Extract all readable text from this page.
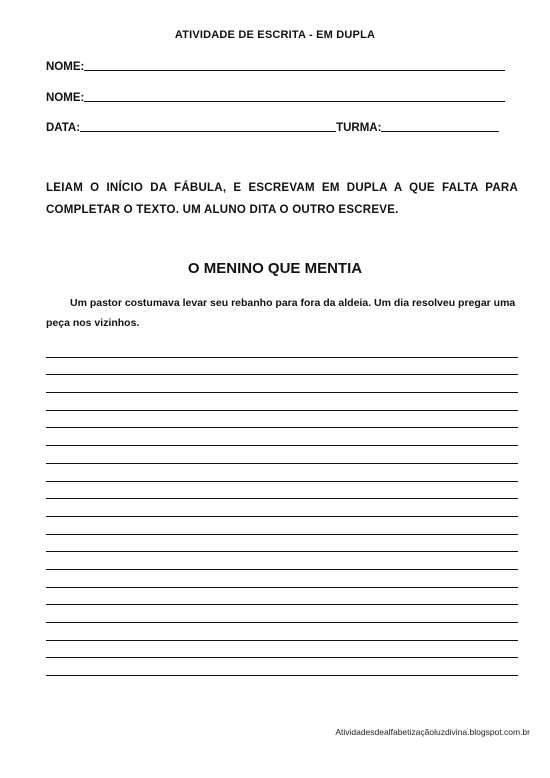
ATIVIDADE DE ESCRITA - EM DUPLA
NOME:
NOME:
DATA:	TURMA:
LEIAM O INÍCIO DA FÁBULA, E ESCREVAM EM DUPLA A QUE FALTA PARA COMPLETAR O TEXTO. UM ALUNO DITA O OUTRO ESCREVE.
O MENINO QUE MENTIA
Um pastor costumava levar seu rebanho para fora da aldeia. Um dia resolveu pregar uma peça nos vizinhos.
Atividadesdealfabetizaçãoluzdivina.blogspot.com.br
